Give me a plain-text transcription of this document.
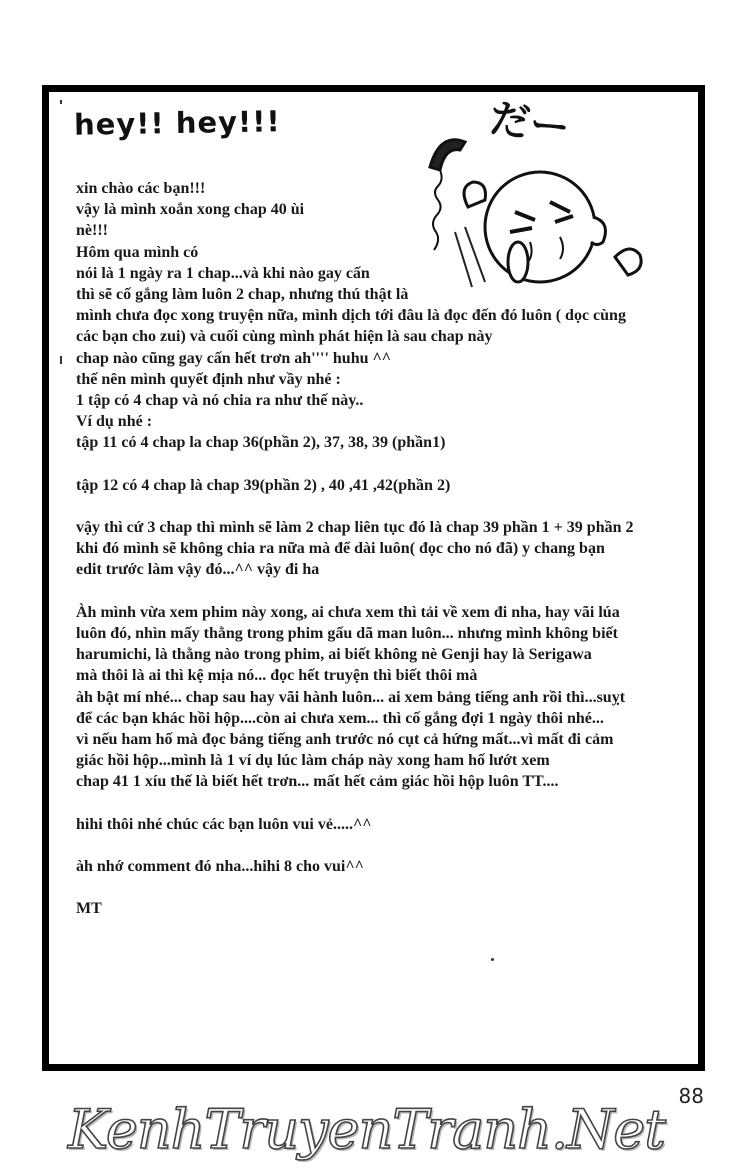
hey!! hey!!!	だー
xin chào các bạn!!!
vậy là mình xoắn xong chap 40 ùi
nè!!!
Hôm qua mình có
nói là 1 ngày ra 1 chap...và khi nào gay cấn
thì sẽ cố gắng làm luôn 2 chap, nhưng thú thật là
mình chưa đọc xong truyện nữa, mình dịch tới đâu là đọc đến đó luôn ( dọc cùng
các bạn cho zui) và cuối cùng mình phát hiện là sau chap này
chap nào cũng gay cấn hết trơn ah'''' huhu ^^
thế nên mình quyết định như vầy nhé :
1 tập có 4 chap và nó chia ra như thế này..
Ví dụ nhé :
tập 11 có 4 chap la chap 36(phần 2), 37, 38, 39 (phần1)
tập 12 có 4 chap là chap 39(phần 2) , 40 ,41 ,42(phần 2)
vậy thì cứ 3 chap thì mình sẽ làm 2 chap liên tục đó là chap 39 phần 1 + 39 phần 2
khi đó mình sẽ không chia ra nữa mà để dài luôn( đọc cho nó đã) y chang bạn
edit trước làm vậy đó...^^ vậy đi ha
Àh mình vừa xem phim này xong, ai chưa xem thì tải về xem đi nha, hay vãi lúa
luôn đó, nhìn mấy thằng trong phim gấu dã man luôn... nhưng mình không biết
harumichi, là thằng nào trong phim, ai biết không nè Genji hay là Serigawa
mà thôi là ai thì kệ mịa nó... đọc hết truyện thì biết thôi mà
àh bật mí nhé... chap sau hay vãi hành luôn... ai xem bảng tiếng anh rồi thì...suỵt
để các bạn khác hồi hộp....còn ai chưa xem... thì cố gắng đợi 1 ngày thôi nhé...
vì nếu ham hố mà đọc bảng tiếng anh trước nó cụt cả hứng mất...vì mất đi cảm
giác hồi hộp...mình là 1 ví dụ lúc làm cháp này xong ham hố lướt xem
chap 41 1 xíu thế là biết hết trơn... mất hết cảm giác hồi hộp luôn TT....
hihi thôi nhé chúc các bạn luôn vui vẻ.....^^
àh nhớ comment đó nha...hihi 8 cho vui^^
MT
88
KenhTruyenTranh.Net
